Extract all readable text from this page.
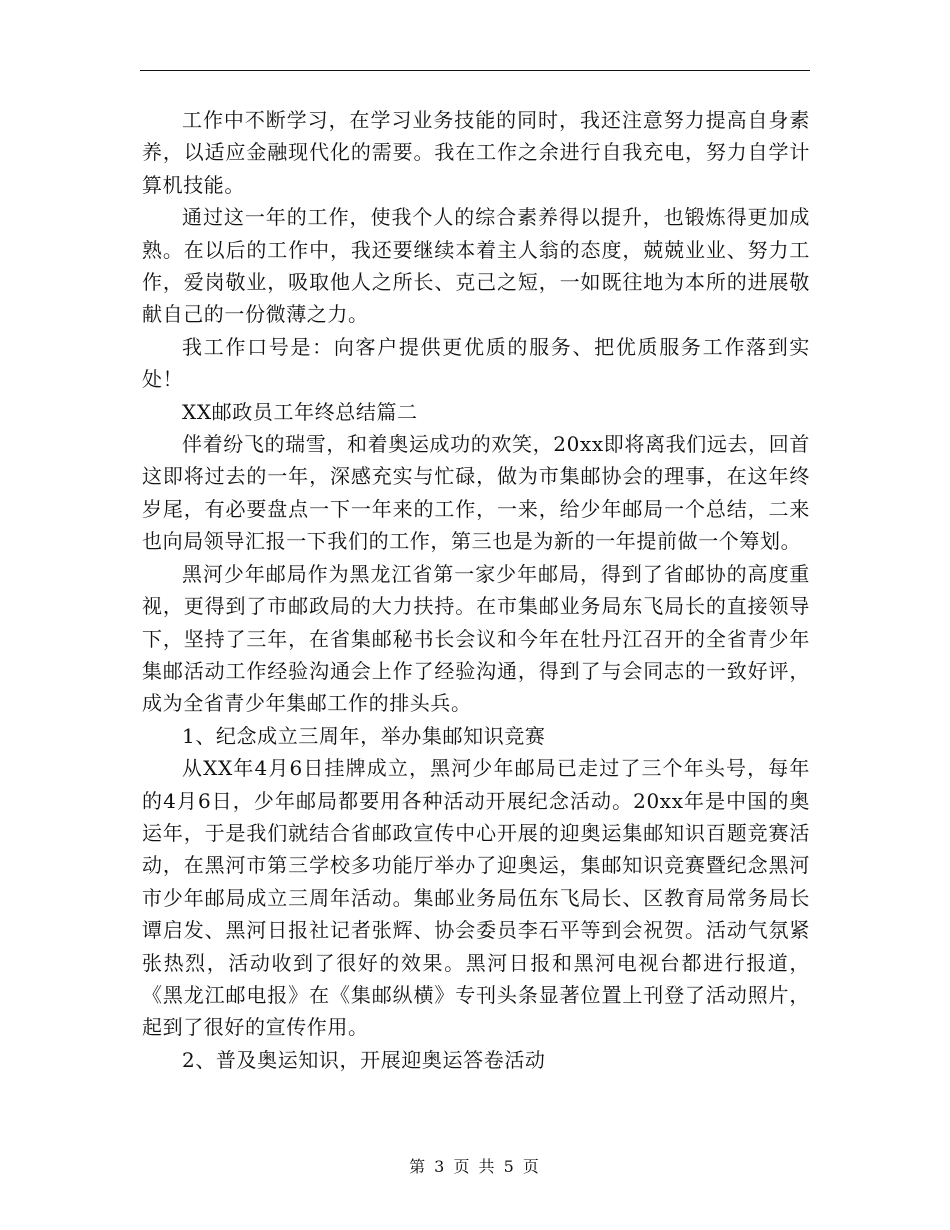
工作中不断学习，在学习业务技能的同时，我还注意努力提高自身素养，以适应金融现代化的需要。我在工作之余进行自我充电，努力自学计算机技能。

通过这一年的工作，使我个人的综合素养得以提升，也锻炼得更加成熟。在以后的工作中，我还要继续本着主人翁的态度，兢兢业业、努力工作，爱岗敬业，吸取他人之所长、克己之短，一如既往地为本所的进展敬献自己的一份微薄之力。

我工作口号是：向客户提供更优质的服务、把优质服务工作落到实处！

XX邮政员工年终总结篇二

伴着纷飞的瑞雪，和着奥运成功的欢笑，20xx即将离我们远去，回首这即将过去的一年，深感充实与忙碌，做为市集邮协会的理事，在这年终岁尾，有必要盘点一下一年来的工作，一来，给少年邮局一个总结，二来也向局领导汇报一下我们的工作，第三也是为新的一年提前做一个筹划。

黑河少年邮局作为黑龙江省第一家少年邮局，得到了省邮协的高度重视，更得到了市邮政局的大力扶持。在市集邮业务局东飞局长的直接领导下，坚持了三年，在省集邮秘书长会议和今年在牡丹江召开的全省青少年集邮活动工作经验沟通会上作了经验沟通，得到了与会同志的一致好评，成为全省青少年集邮工作的排头兵。

1、纪念成立三周年，举办集邮知识竞赛

从XX年4月6日挂牌成立，黑河少年邮局已走过了三个年头号，每年的4月6日，少年邮局都要用各种活动开展纪念活动。20xx年是中国的奥运年，于是我们就结合省邮政宣传中心开展的迎奥运集邮知识百题竞赛活动，在黑河市第三学校多功能厅举办了迎奥运，集邮知识竞赛暨纪念黑河市少年邮局成立三周年活动。集邮业务局伍东飞局长、区教育局常务局长谭启发、黑河日报社记者张辉、协会委员李石平等到会祝贺。活动气氛紧张热烈，活动收到了很好的效果。黑河日报和黑河电视台都进行报道，《黑龙江邮电报》在《集邮纵横》专刊头条显著位置上刊登了活动照片，起到了很好的宣传作用。

2、普及奥运知识，开展迎奥运答卷活动

第 3 页 共 5 页
